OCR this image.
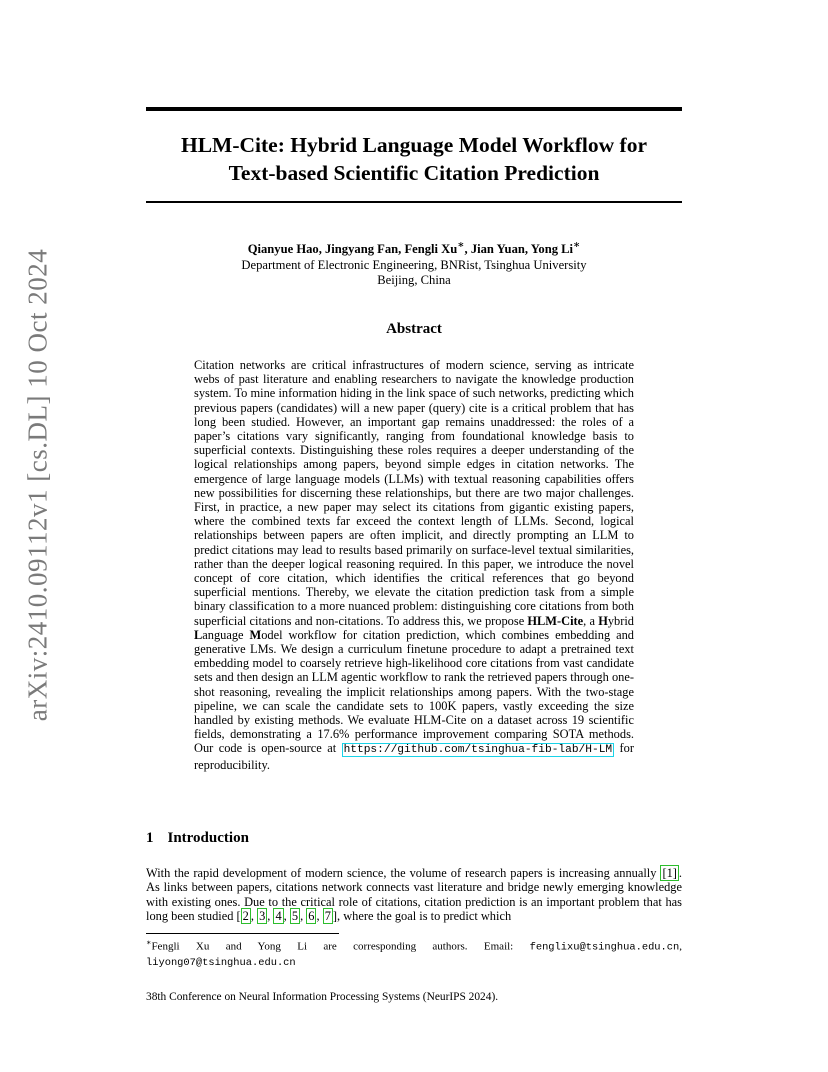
arXiv:2410.09112v1 [cs.DL] 10 Oct 2024
HLM-Cite: Hybrid Language Model Workflow for
Text-based Scientific Citation Prediction
Qianyue Hao, Jingyang Fan, Fengli Xu∗, Jian Yuan, Yong Li∗
Department of Electronic Engineering, BNRist, Tsinghua University
Beijing, China
Abstract
Citation networks are critical infrastructures of modern science, serving as intricate webs of past literature and enabling researchers to navigate the knowledge production system. To mine information hiding in the link space of such networks, predicting which previous papers (candidates) will a new paper (query) cite is a critical problem that has long been studied. However, an important gap remains unaddressed: the roles of a paper’s citations vary significantly, ranging from foundational knowledge basis to superficial contexts. Distinguishing these roles requires a deeper understanding of the logical relationships among papers, beyond simple edges in citation networks. The emergence of large language models (LLMs) with textual reasoning capabilities offers new possibilities for discerning these relationships, but there are two major challenges. First, in practice, a new paper may select its citations from gigantic existing papers, where the combined texts far exceed the context length of LLMs. Second, logical relationships between papers are often implicit, and directly prompting an LLM to predict citations may lead to results based primarily on surface-level textual similarities, rather than the deeper logical reasoning required. In this paper, we introduce the novel concept of core citation, which identifies the critical references that go beyond superficial mentions. Thereby, we elevate the citation prediction task from a simple binary classification to a more nuanced problem: distinguishing core citations from both superficial citations and non-citations. To address this, we propose HLM-Cite, a Hybrid Language Model workflow for citation prediction, which combines embedding and generative LMs. We design a curriculum finetune procedure to adapt a pretrained text embedding model to coarsely retrieve high-likelihood core citations from vast candidate sets and then design an LLM agentic workflow to rank the retrieved papers through one-shot reasoning, revealing the implicit relationships among papers. With the two-stage pipeline, we can scale the candidate sets to 100K papers, vastly exceeding the size handled by existing methods. We evaluate HLM-Cite on a dataset across 19 scientific fields, demonstrating a 17.6% performance improvement comparing SOTA methods. Our code is open-source at https://github.com/tsinghua-fib-lab/H-LM for reproducibility.
1 Introduction
With the rapid development of modern science, the volume of research papers is increasing annually [1] . As links between papers, citations network connects vast literature and bridge newly emerging knowledge with existing ones. Due to the critical role of citations, citation prediction is an important problem that has long been studied [ 2 , 3 , 4 , 5 , 6 , 7 ], where the goal is to predict which
∗Fengli Xu and Yong Li are corresponding authors. Email: fenglixu@tsinghua.edu.cn, liyong07@tsinghua.edu.cn
38th Conference on Neural Information Processing Systems (NeurIPS 2024).
